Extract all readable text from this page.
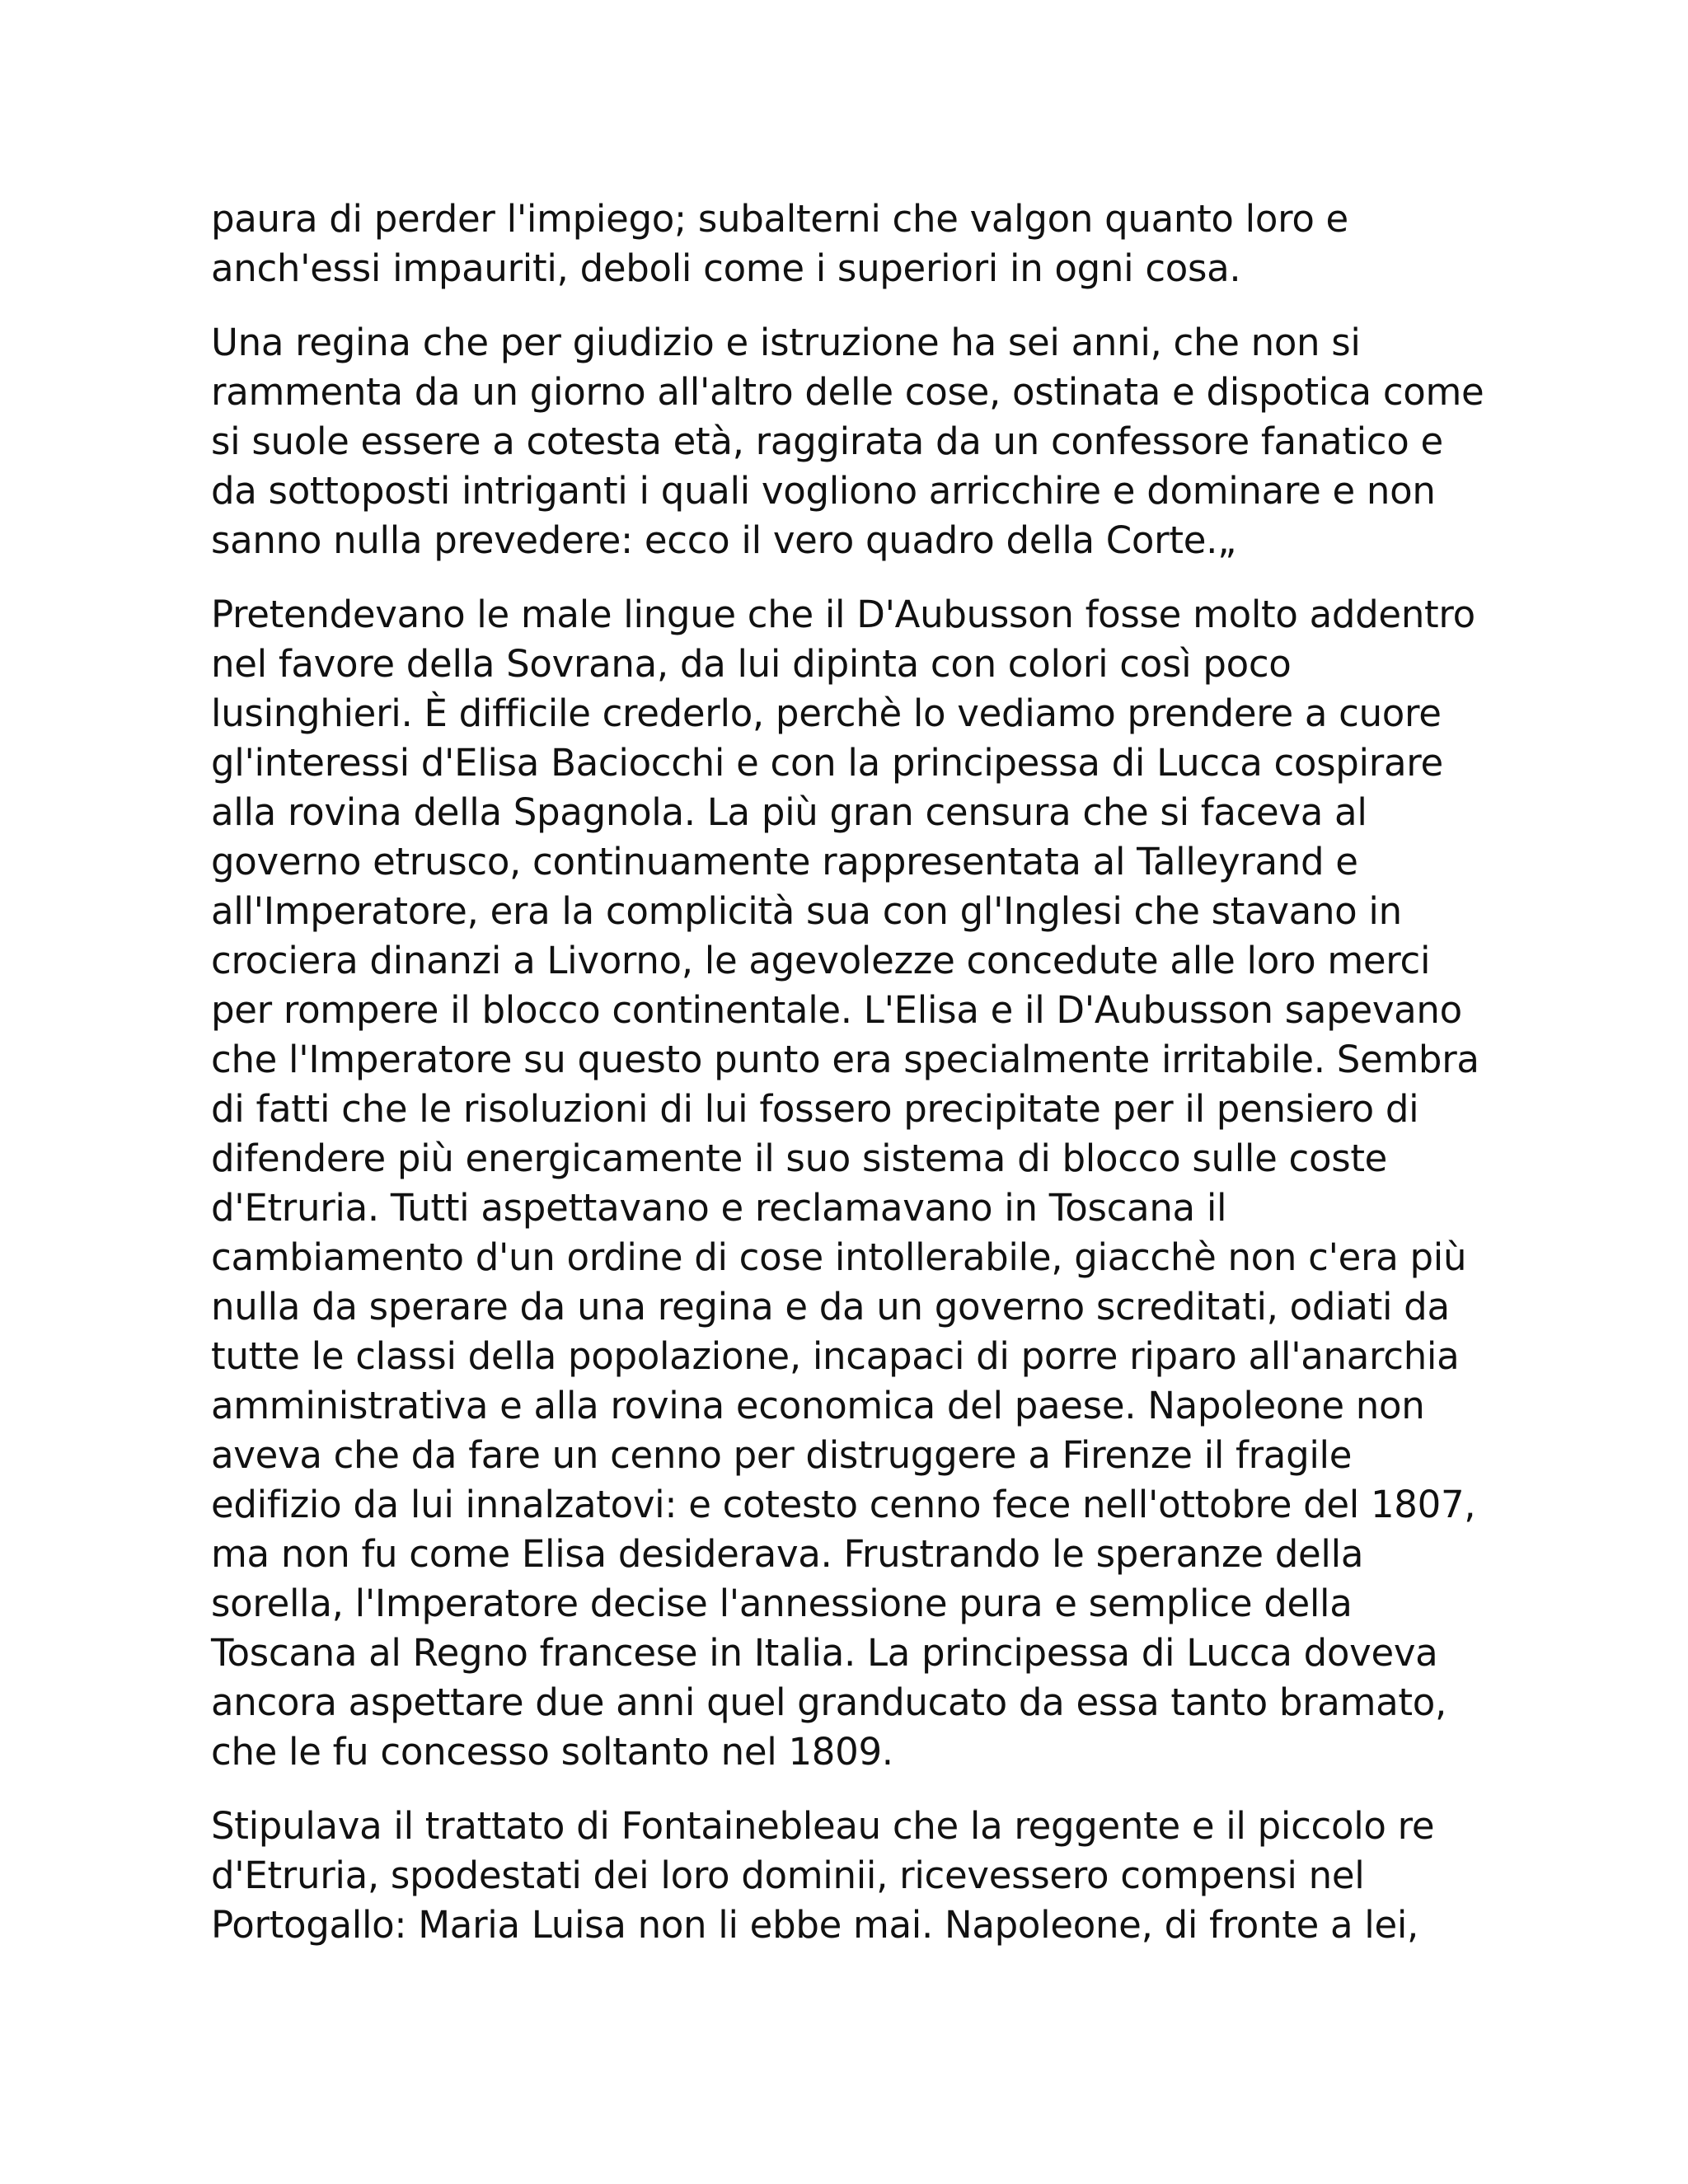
paura di perder l'impiego; subalterni che valgon quanto loro e
anch'essi impauriti, deboli come i superiori in ogni cosa.

Una regina che per giudizio e istruzione ha sei anni, che non si
rammenta da un giorno all'altro delle cose, ostinata e dispotica come
si suole essere a cotesta età, raggirata da un confessore fanatico e
da sottoposti intriganti i quali vogliono arricchire e dominare e non
sanno nulla prevedere: ecco il vero quadro della Corte.„

Pretendevano le male lingue che il D'Aubusson fosse molto addentro
nel favore della Sovrana, da lui dipinta con colori così poco
lusinghieri. È difficile crederlo, perchè lo vediamo prendere a cuore
gl'interessi d'Elisa Baciocchi e con la principessa di Lucca cospirare
alla rovina della Spagnola. La più gran censura che si faceva al
governo etrusco, continuamente rappresentata al Talleyrand e
all'Imperatore, era la complicità sua con gl'Inglesi che stavano in
crociera dinanzi a Livorno, le agevolezze concedute alle loro merci
per rompere il blocco continentale. L'Elisa e il D'Aubusson sapevano
che l'Imperatore su questo punto era specialmente irritabile. Sembra
di fatti che le risoluzioni di lui fossero precipitate per il pensiero di
difendere più energicamente il suo sistema di blocco sulle coste
d'Etruria. Tutti aspettavano e reclamavano in Toscana il
cambiamento d'un ordine di cose intollerabile, giacchè non c'era più
nulla da sperare da una regina e da un governo screditati, odiati da
tutte le classi della popolazione, incapaci di porre riparo all'anarchia
amministrativa e alla rovina economica del paese. Napoleone non
aveva che da fare un cenno per distruggere a Firenze il fragile
edifizio da lui innalzatovi: e cotesto cenno fece nell'ottobre del 1807,
ma non fu come Elisa desiderava. Frustrando le speranze della
sorella, l'Imperatore decise l'annessione pura e semplice della
Toscana al Regno francese in Italia. La principessa di Lucca doveva
ancora aspettare due anni quel granducato da essa tanto bramato,
che le fu concesso soltanto nel 1809.

Stipulava il trattato di Fontainebleau che la reggente e il piccolo re
d'Etruria, spodestati dei loro dominii, ricevessero compensi nel
Portogallo: Maria Luisa non li ebbe mai. Napoleone, di fronte a lei,
